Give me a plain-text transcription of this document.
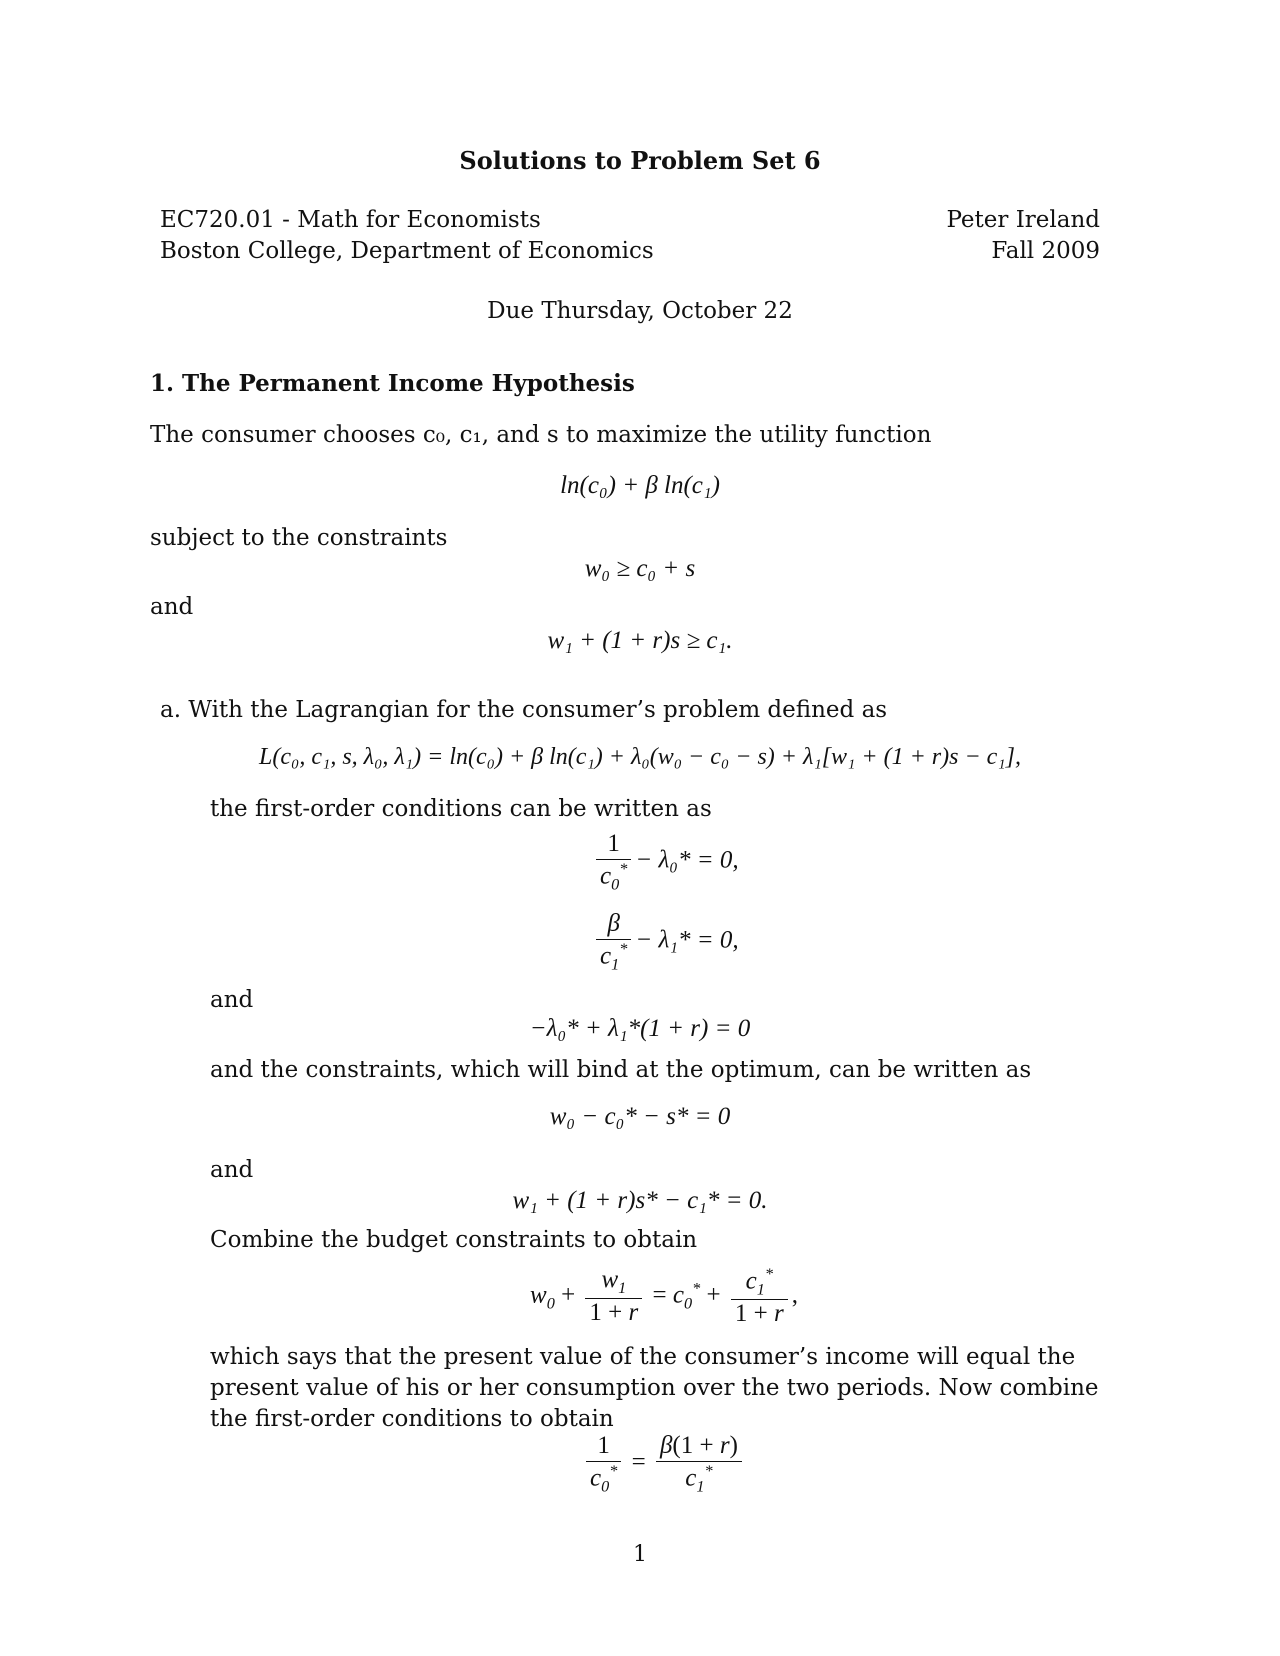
Solutions to Problem Set 6
EC720.01 - Math for Economists
Boston College, Department of Economics
Peter Ireland
Fall 2009
Due Thursday, October 22
1. The Permanent Income Hypothesis
The consumer chooses c₀, c₁, and s to maximize the utility function
ln(c₀) + β ln(c₁)
subject to the constraints
w₀ ≥ c₀ + s
and
w₁ + (1 + r)s ≥ c₁.
a. With the Lagrangian for the consumer’s problem defined as
L(c₀, c₁, s, λ₀, λ₁) = ln(c₀) + β ln(c₁) + λ₀(w₀ − c₀ − s) + λ₁[w₁ + (1 + r)s − c₁],
the first-order conditions can be written as
$\frac{1}{c_0^*} - \lambda_0* = 0$,
$\frac{\beta}{c_1^*} - \lambda_1* = 0$,
and
−λ₀* + λ₁*(1 + r) = 0
and the constraints, which will bind at the optimum, can be written as
w₀ − c₀* − s* = 0
and
w₁ + (1 + r)s* − c₁* = 0.
Combine the budget constraints to obtain
$w_0 + \frac{w_1}{1 + r} = c_0^* + \frac{c_1^*}{1 + r}$ ,
which says that the present value of the consumer’s income will equal the present value of his or her consumption over the two periods. Now combine the first-order conditions to obtain
$\frac{1}{c_0^*} = \frac{\beta(1 + r)}{c_1^*}$
1
